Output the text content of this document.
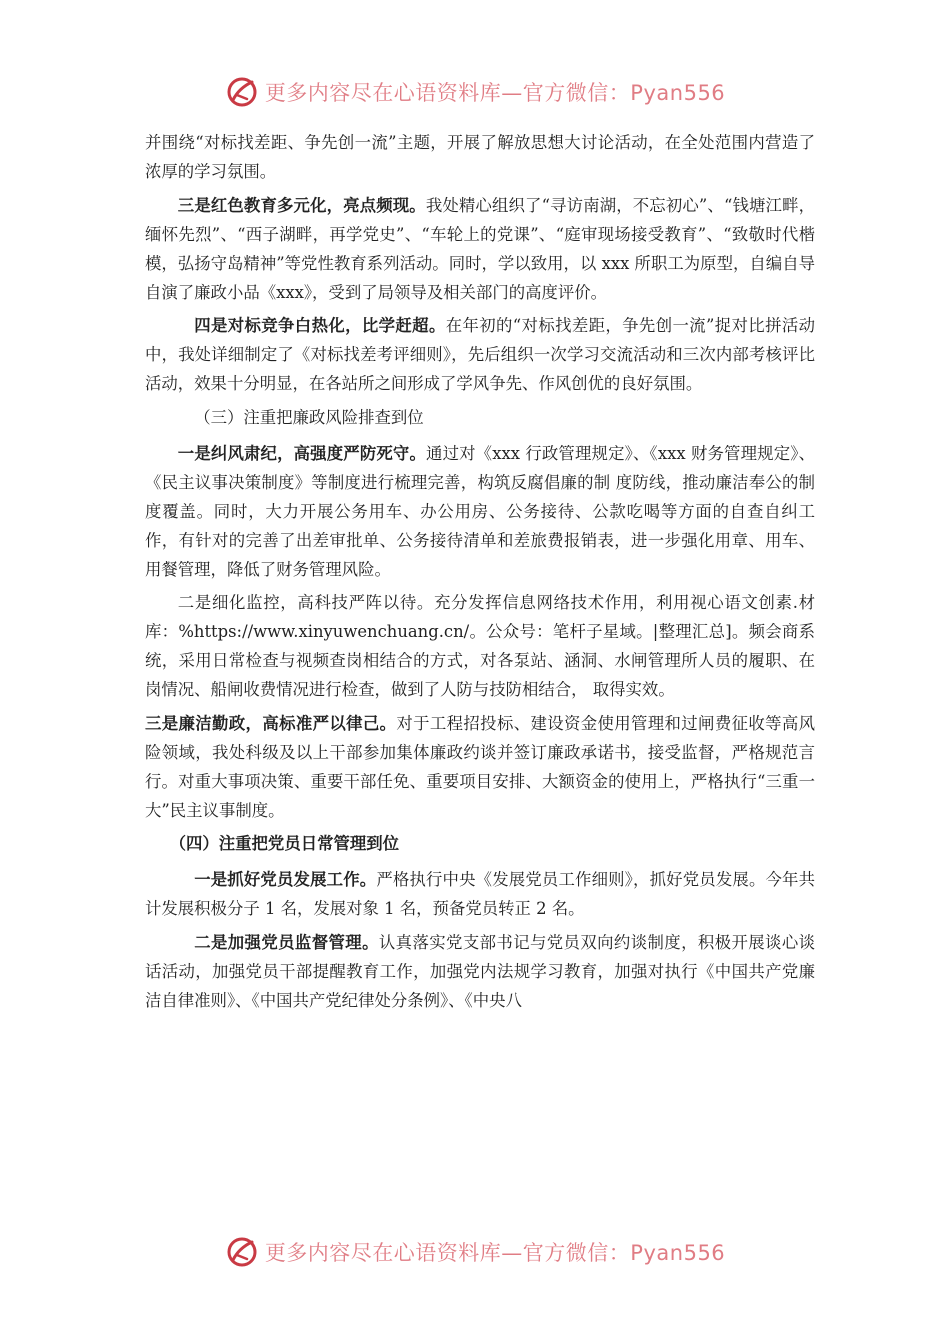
更多内容尽在心语资料库—官方微信：Pyan556

并围绕“对标找差距、争先创一流”主题，开展了解放思想大讨论活动，在全处范围内营造了浓厚的学习氛围。

三是红色教育多元化，亮点频现。我处精心组织了“寻访南湖，不忘初心”、“钱塘江畔，缅怀先烈”、“西子湖畔，再学党史”、“车轮上的党课”、“庭审现场接受教育”、“致敬时代楷模，弘扬守岛精神”等党性教育系列活动。同时，学以致用，以 xxx 所职工为原型，自编自导自演了廉政小品《xxx》，受到了局领导及相关部门的高度评价。

四是对标竞争白热化，比学赶超。在年初的“对标找差距，争先创一流”捉对比拼活动中，我处详细制定了《对标找差考评细则》，先后组织一次学习交流活动和三次内部考核评比活动，效果十分明显，在各站所之间形成了学风争先、作风创优的良好氛围。

（三）注重把廉政风险排查到位

一是纠风肃纪，高强度严防死守。通过对《xxx 行政管理规定》、《xxx 财务管理规定》、《民主议事决策制度》等制度进行梳理完善，构筑反腐倡廉的制 度防线，推动廉洁奉公的制度覆盖。同时，大力开展公务用车、办公用房、公务接待、公款吃喝等方面的自查自纠工作，有针对的完善了出差审批单、公务接待清单和差旅费报销表，进一步强化用章、用车、用餐管理，降低了财务管理风险。

二是细化监控，高科技严阵以待。充分发挥信息网络技术作用，利用视心语文创素.材库：%https://www.xinyuwenchuang.cn/。公众号：笔杆子星域。|整理汇总]。频会商系统，采用日常检查与视频查岗相结合的方式，对各泵站、涵洞、水闸管理所人员的履职、在岗情况、船闸收费情况进行检查，做到了人防与技防相结合， 取得实效。

三是廉洁勤政，高标准严以律己。对于工程招投标、建设资金使用管理和过闸费征收等高风险领域，我处科级及以上干部参加集体廉政约谈并签订廉政承诺书，接受监督，严格规范言行。对重大事项决策、重要干部任免、重要项目安排、大额资金的使用上，严格执行“三重一大”民主议事制度。

（四）注重把党员日常管理到位

一是抓好党员发展工作。严格执行中央《发展党员工作细则》，抓好党员发展。今年共计发展积极分子 1 名，发展对象 1 名，预备党员转正 2 名。

二是加强党员监督管理。认真落实党支部书记与党员双向约谈制度，积极开展谈心谈话活动，加强党员干部提醒教育工作，加强党内法规学习教育，加强对执行《中国共产党廉洁自律准则》、《中国共产党纪律处分条例》、《中央八

更多内容尽在心语资料库—官方微信：Pyan556
